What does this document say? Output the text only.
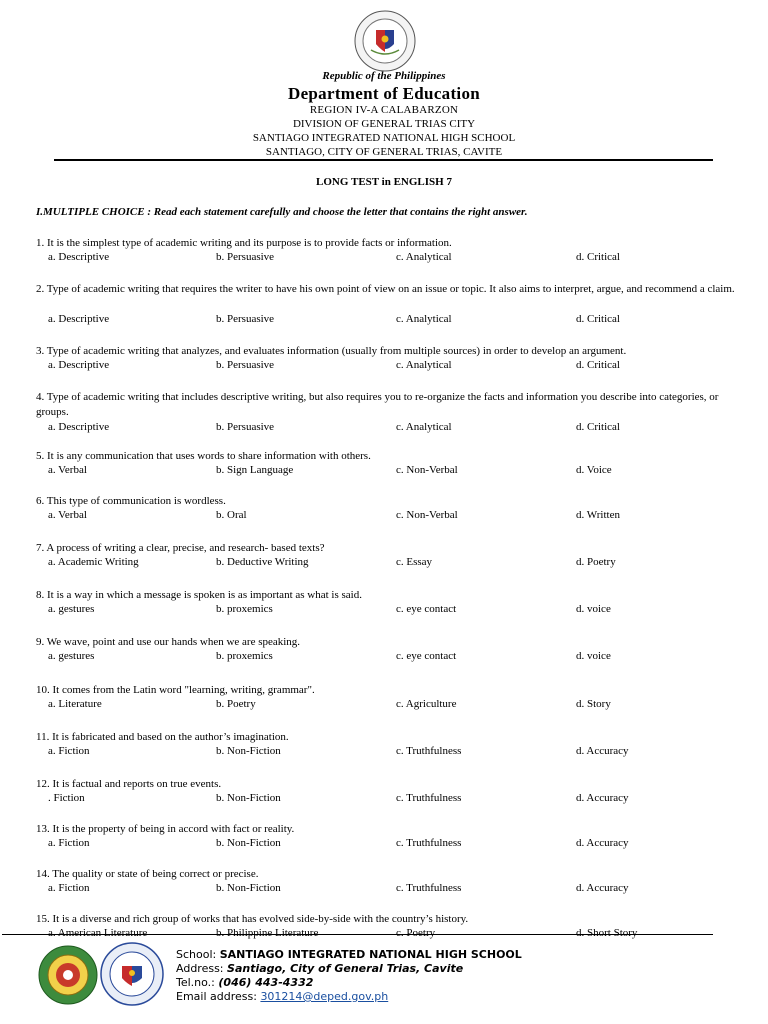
Republic of the Philippines
Department of Education
REGION IV-A CALABARZON
DIVISION OF GENERAL TRIAS CITY
SANTIAGO INTEGRATED NATIONAL HIGH SCHOOL
SANTIAGO, CITY OF GENERAL TRIAS, CAVITE
LONG TEST in ENGLISH 7
I.MULTIPLE CHOICE : Read each statement carefully and choose the letter that contains the right answer.
1. It is the simplest type of academic writing and its purpose is to provide facts or information.
a. Descriptive	b. Persuasive	c. Analytical	d. Critical
2. Type of academic writing that requires the writer to have his own point of view on an issue or topic. It also aims to interpret, argue, and recommend a claim.
a. Descriptive	b. Persuasive	c. Analytical	d. Critical
3. Type of academic writing that analyzes, and evaluates information (usually from multiple sources) in order to develop an argument.
a. Descriptive	b. Persuasive	c. Analytical	d. Critical
4. Type of academic writing that includes descriptive writing, but also requires you to re-organize the facts and information you describe into categories, or groups.
a. Descriptive	b. Persuasive	c. Analytical	d. Critical
5. It is any communication that uses words to share information with others.
a. Verbal	b. Sign Language	c. Non-Verbal	d. Voice
6. This type of communication is wordless.
a. Verbal	b. Oral	c. Non-Verbal	d. Written
7. A process of writing a clear, precise, and research- based texts?
a. Academic Writing	b. Deductive Writing	c. Essay	d. Poetry
8. It is a way in which a message is spoken is as important as what is said.
a. gestures	b. proxemics	c. eye contact	d. voice
9. We wave, point and use our hands when we are speaking.
a. gestures	b. proxemics	c. eye contact	d. voice
10. It comes from the Latin word "learning, writing, grammar".
a. Literature	b. Poetry	c. Agriculture	d. Story
11. It is fabricated and based on the author’s imagination.
a. Fiction	b. Non-Fiction	c. Truthfulness	d. Accuracy
12. It is factual and reports on true events.
. Fiction	b. Non-Fiction	c. Truthfulness	d. Accuracy
13. It is the property of being in accord with fact or reality.
a. Fiction	b. Non-Fiction	c. Truthfulness	d. Accuracy
14. The quality or state of being correct or precise.
a. Fiction	b. Non-Fiction	c. Truthfulness	d. Accuracy
15. It is a diverse and rich group of works that has evolved side-by-side with the country’s history.
a. American Literature	b. Philippine Literature	c. Poetry	d. Short Story
School: SANTIAGO INTEGRATED NATIONAL HIGH SCHOOL
Address: Santiago, City of General Trias, Cavite
Tel.no.: (046) 443-4332
Email address: 301214@deped.gov.ph
